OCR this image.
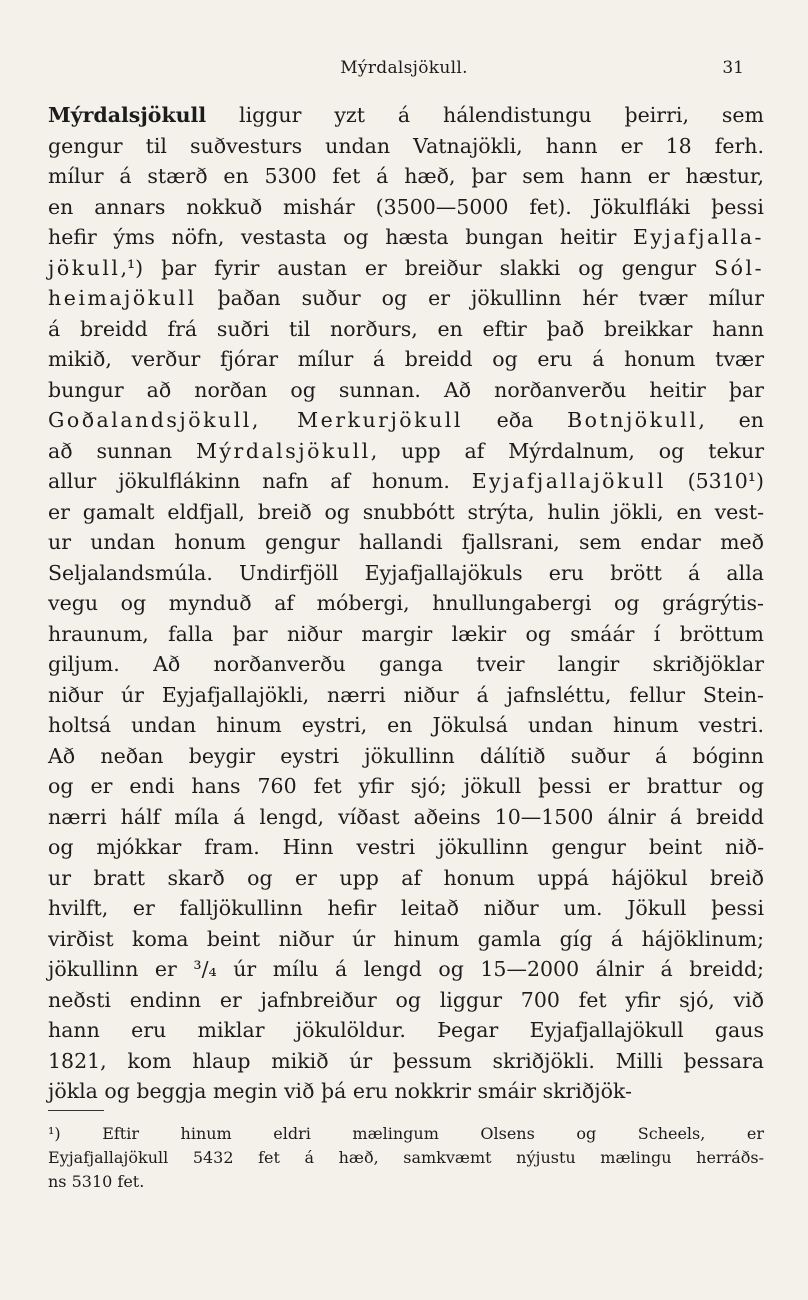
Mýrdalsjökull.	31
Mýrdalsjökull liggur yzt á hálendistungu þeirri, sem
gengur til suðvesturs undan Vatnajökli, hann er 18 ferh.
mílur á stærð en 5300 fet á hæð, þar sem hann er hæstur,
en annars nokkuð mishár (3500—5000 fet). Jökulfláki þessi
hefir ýms nöfn, vestasta og hæsta bungan heitir Eyjafjalla-
jökull,¹) þar fyrir austan er breiður slakki og gengur Sól-
heimajökull þaðan suður og er jökullinn hér tvær mílur
á breidd frá suðri til norðurs, en eftir það breikkar hann
mikið, verður fjórar mílur á breidd og eru á honum tvær
bungur að norðan og sunnan. Að norðanverðu heitir þar
Goðalandsjökull, Merkurjökull eða Botnjökull, en
að sunnan Mýrdalsjökull, upp af Mýrdalnum, og tekur
allur jökulflákinn nafn af honum. Eyjafjallajökull (5310¹)
er gamalt eldfjall, breið og snubbótt strýta, hulin jökli, en vest-
ur undan honum gengur hallandi fjallsrani, sem endar með
Seljalandsmúla. Undirfjöll Eyjafjallajökuls eru brött á alla
vegu og mynduð af móbergi, hnullungabergi og grágrýtis-
hraunum, falla þar niður margir lækir og smáár í bröttum
giljum. Að norðanverðu ganga tveir langir skriðjöklar
niður úr Eyjafjallajökli, nærri niður á jafnsléttu, fellur Stein-
holtsá undan hinum eystri, en Jökulsá undan hinum vestri.
Að neðan beygir eystri jökullinn dálítið suður á bóginn
og er endi hans 760 fet yfir sjó; jökull þessi er brattur og
nærri hálf míla á lengd, víðast aðeins 10—1500 álnir á breidd
og mjókkar fram. Hinn vestri jökullinn gengur beint nið-
ur bratt skarð og er upp af honum uppá hájökul breið
hvilft, er falljökullinn hefir leitað niður um. Jökull þessi
virðist koma beint niður úr hinum gamla gíg á hájöklinum;
jökullinn er ³/₄ úr mílu á lengd og 15—2000 álnir á breidd;
neðsti endinn er jafnbreiður og liggur 700 fet yfir sjó, við
hann eru miklar jökulöldur. Þegar Eyjafjallajökull gaus
1821, kom hlaup mikið úr þessum skriðjökli. Milli þessara
jökla og beggja megin við þá eru nokkrir smáir skriðjök-
¹) Eftir hinum eldri mælingum Olsens og Scheels, er
Eyjafjallajökull 5432 fet á hæð, samkvæmt nýjustu mælingu herráðs-
ns 5310 fet.
